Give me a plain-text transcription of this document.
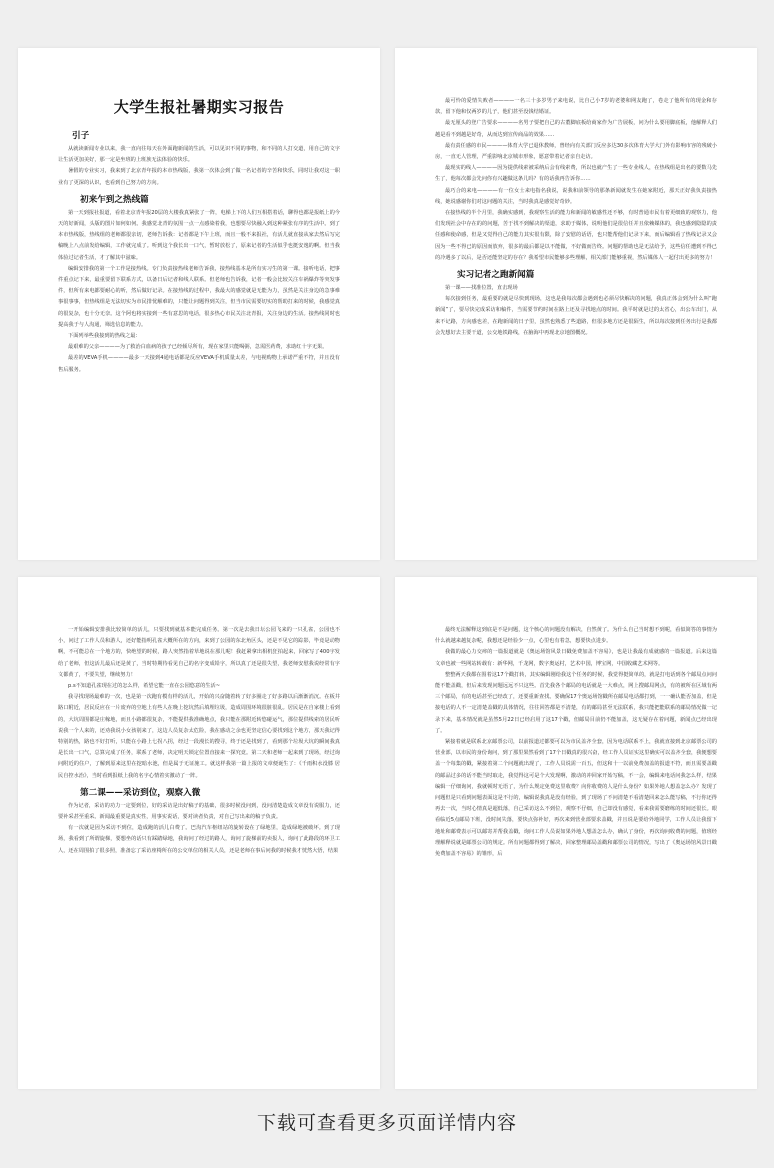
大学生报社暑期实习报告
引子

从就读新闻专业以来，我一直向往每天在外面跑新闻的生活，可以见识不同的事物，和不同的人打交道，用自己的文字让生活更加美好，那一定是坐班的上班族无法体验的快乐。

暑假的专业实习，我来到了北京青年报的本市热线版，我第一次体会到了做一名记者的辛苦和快乐，同时让我对这一职业有了更深的认识，也看到自己努力的方向。

初来乍到之热线篇

第一天到报社报道，看着北京青年报20层的大楼我真紧张了一阵，电梯上下的人们互相搭着话，聊得也都是报纸上的今天的好新闻，头版的图片如何如何。我感觉北青的氛围一点一点感染着我，也想要尽快融入到这种紧张有序的生活中。到了本市热线版，热线组的老师都很亲切，老师告诉我：记者都是下午上班，而且一般不来报社，有活儿就直接从家去然后写完稿晚上八点前发给编辑，工作就完成了。听到这个我长出一口气，暂时放松了，原来记者的生活似乎也挺安逸的啊。但当我体验过记者生活，才了解其中滋味。

编辑安排我的第一个工作是接热线。专门负责接热线老师告诉我，接热线基本是所有实习生的第一课。接听电话，把事件重点记下来，最重要留下联系方式，以备日后记者和线人联系。但老师也告诉我，记者一般会比较关注车祸爆炸等突发事件，但所有来电都要耐心的听，然后做好记录。在接热线的过程中，我最大的感觉就是无能为力，虽然是关注身边的急事难事很事事，但热线组是无法切实为市民排忧解难的，只能让问题得到关注，但当市民需要切实的帮助打来的时候，我感觉真的很复杂，也十分无奈。这个阿也将实接到一些有意思的电话，很多热心市民关注北青报，关注身边的生活。接热线同时也提高我于与人沟通，筛选信息的能力。

下面列举些我接到的热线之最：

最艰难的父亲————为了救治白血病的孩子已经倾尽所有，现在家里只能喝粥，急需医药费，求助红十字无果。

最差的VEVA手机————最多一天接到4通电话都是反应VEVA手机质量太差，与电视购物上承诺严重不符，并且没有售后服务。

最可怜的爱情失败者————一名三十多岁男子来电说，比自己小7岁的老婆和网友跑了，卷走了他所有的现金和存款，留下他和仅两岁的儿子，他们甚至没钱结婚证。

最无厘头的登广告要求————名男子要把自己的古董脚底板给商家作为广告展板，问为什么要用脚底板，他解释人们越是看不到越是好奇，从而达到宣传商品的效果……

最有责任感的市民————体育大学已退休教师，曾经向有关部门反应多达30多次体育大学大门外有影响市容的残破小房，一直无人管理，严重影响北京城市形象，愿意带着记者亲自走访。

最现实的线人————因为提供线索被采纳后会有线索费，所以也就产生了一些专业线人，在热线组是出名的要数马先生了，他每次都会先问你有兴趣做这条儿吗？有的话我再告诉你……

最巧合的来电————有一位女士来电指名我说，说我和前领导的那条新闻就发生在她家附近，那天正好我负责接热线，她说感谢你们对这问题的关注，当时我真是感觉好奇妙。

在接热线的半个月里，我确实感到，我观察生活的能力和新闻的敏感性还不够，有时普通市民有着更细致的观察力，他们发现社会中存在的的问题，苦于找不到解决的渠道，求助于媒体，说明他们是很信任并且依赖媒体的，我也感到隐隐的责任感和使命感，但是又觉得自己的能力其实很有限，除了安慰的话语，也只能帮他们记录下来，而后编辑看了热线记录又会因为一些不得已的原因而放弃，很多的最后都是以不能做，不好做而告终。问题的帮助也是无法给予，这些信任遭到不得已的冷遇多了以后，是否还能坚定的存在？我希望市民能够多些理解，相关部门能够重视，然后媒体人一起付出更多的努力！

实习记者之跑新闻篇

第一课——找准位置，直击现场

每次接到任务，最重要的就是尽快到现场，这也是我每次都会遇到也必须尽快解决的问题，我真正体会到为什么叫“跑新闻”了，要尽快完成采访和稿件，当需要节约时间在路上还及寻找地点的时间。我平时就是过的太省心，出公车出门，从来不记路，方向感也差，在跑新闻的日子里，虽然也熟悉了些道路，但很多地方还是很陌生，所以每次接到任务出行是我都会先想好去主要干道，公交地铁路线，在脑海中再现北京地图概况。

一开始编辑安排我比较简单的活儿，只要找到就基本能完成任务。第一次是去我日坛公园飞来的一只孔雀，公园也不小，问过了工作人员和游人，还好能指明孔雀大概所在的方向，来到了公园的东北角区头，还是不见它的踪影，毕竟是动物啊，不可能总在一个地方的，快绝望的时候，路人突然指着草地说在那儿呢！我赶紧拿出相机狂拍起来，回家写了400字发给了老师，但这活儿最后还是黄了，当时特期待看见自己的名字变成铅字，所以真了还是很失望，我老师安慰我说经常有字文都黄了，不要失望，继续努力！

p.s不知道孔雀现在过的怎么样，希望它能一直在公园悠意的生活~

我寻找现场最难的一次，也是第一次跑有模有样的活儿，开始的兴奋随着转了好多圈走了好多路以后渐渐消沉。在板井路口附近，居民反应在一片废弃的空地上有些人在晚上挖坑然后填埋垃圾，造成周围环境很脏很乱。居民是在自家楼上看到的，大坑周围都是庄稼地，而且小路都很复杂，不能提供我准确地点，我只能在那附近转悠碰运气，那位提供线索的居民听说我一个人来的，还劝我说小女孩别来了，这边人员复杂太危险，我在感动之余也更坚定信心要找到这个地方，那天我记得特别的热，路也不好打听，只能在小路上七拐八拐，经过一段漫长的搜寻，终于还是找到了，看到那个垃圾大坑的瞬间我真是长出一口气，总算完成了任务，联系了老师，决定明天锁定位置直接来一探究竟。第二天和老师一起来到了现场，经过询问附近的住户，了解到原来这里在挖暗水池，但是属于无证施工。就这样我第一篇上报的文章便诞生了：《千雨积水没膝 居民自控水治》，当时看到报纸上我的名字心情着实激动了一阵。

第二课——采访到位，观察入微

作为记者，采访的功力一定要到位，好的采访是出好稿子的基础，很多时候没问到，没问清楚造成文章没有说服力，还要补采甚至重采。新闻最重要是真实性，用事实说话，要对读者负责，对自己写出来的稿子负责。

有一次就是因为采访不到位，造成跑的活儿白费了。巴沟汽车枢纽站的旋转设在了绿地里，造成绿地被破坏。到了现场，我看到了所谓旋梯，要想坐的话只有踩踏绿地，我询问了经过的路人，询问了旋梯前的卖报人，询问了此路段的环卫工人，还在周围拍了很多照，准备忘了采访座椅所在的公交单位的相关人员，还是老师在事后问我的时候我才恍然大悟，结果

最终无法解释这到底是不是问题，这个核心的问题没有解决，自然黄了。为什么自己当时想不到呢，看似简答的事情为什么就越来越复杂呢，我想还是经验少一点，心里也有着急，想要快点进步。

我做的最心力交瘁的一篇报道就是《奥运场馆风景日戳免费加盖不容易》，也是让我最有成就感的一篇报道。后来这篇文章也被一些网站转载有：新华网，千龙网，数字奥运村，艺术中国，博宝网，中国收藏艺术网等。

整整两天我都在围着这17个戳打转，其实编辑刚给我这个任务的时候，我觉得挺简单的，就是打电话到各个邮局点问问能不能盖戳，但后来发现问题远远不只这些。首先我各个邮局的电话就是一大难点，网上搜邮局网点，有的被所在区域有两三个邮局，有的电话甚至已经改了，还要重新查找。要确保17个奥运场馆戳所在邮局电话都打到，一一确认能否加盖，但是接电话的人不一定清楚盖戳的具体情况，往往回答都是不清楚，有的邮局甚至无法联系，我只能把能联系的邮局情况做一记录下来，基本情况就是虽然5月22日已经启用了这17个戳，但邮局目前仍不能加盖，这无疑存在着问题，新闻点已经出现了。

紧接着就是联系北京邮票公司，以前报道过都要可以为市民盖齐全套，因为电话联系不上，我就直接到北京邮票公司的营业部，以市民的身份询问，到了那里果然看到了17个日戳真的很兴奋，经工作人员证实这里确实可以盖齐全套，我便想要盖一个每集的戳，紧接着第二个问题就出现了，工作人员说需一百五，但这和十一以前免费加盖的报道不符，而且需要盖戳的邮品过多的话不能当时取走，我觉得这可是个大发现啊，激动的冲回家开始写稿，不一会，编辑来电话问我怎么样，结果编辑一仔细询问，我就顿时无语了，为什么规定免费这里收费？向你收费的人是什么身份？如果外地人想盖怎么办？发现了问题但是只看到问题表面这是不行的，编辑说我真是没有经验，到了现场了不问清楚不看清楚回来怎么能写稿，不行你还得再去一次，当时心情真是超低落，自己采访这么不到位，观察不仔细，自己却没有感觉，看来我需要磨练的时间还很长。眼看临近5点邮局下班，没时间失落，要快点弥补好，再次来到营业部要求盖戳，并且说是要给外地同学，工作人员让我留下地址和邮费表示可以邮寄并帮我盖戳，询问工作人员说如果外地人想盖怎么办，确认了身份，再次询问收费的问题，值班经理解释说就是邮票公司的规定。所有问题都得到了解决，回家整理邮局盖戳和邮票公司的情况，写出了《奥运场馆风景日戳免费加盖不容易》的雏形，后

下载可查看更多页面详情内容
